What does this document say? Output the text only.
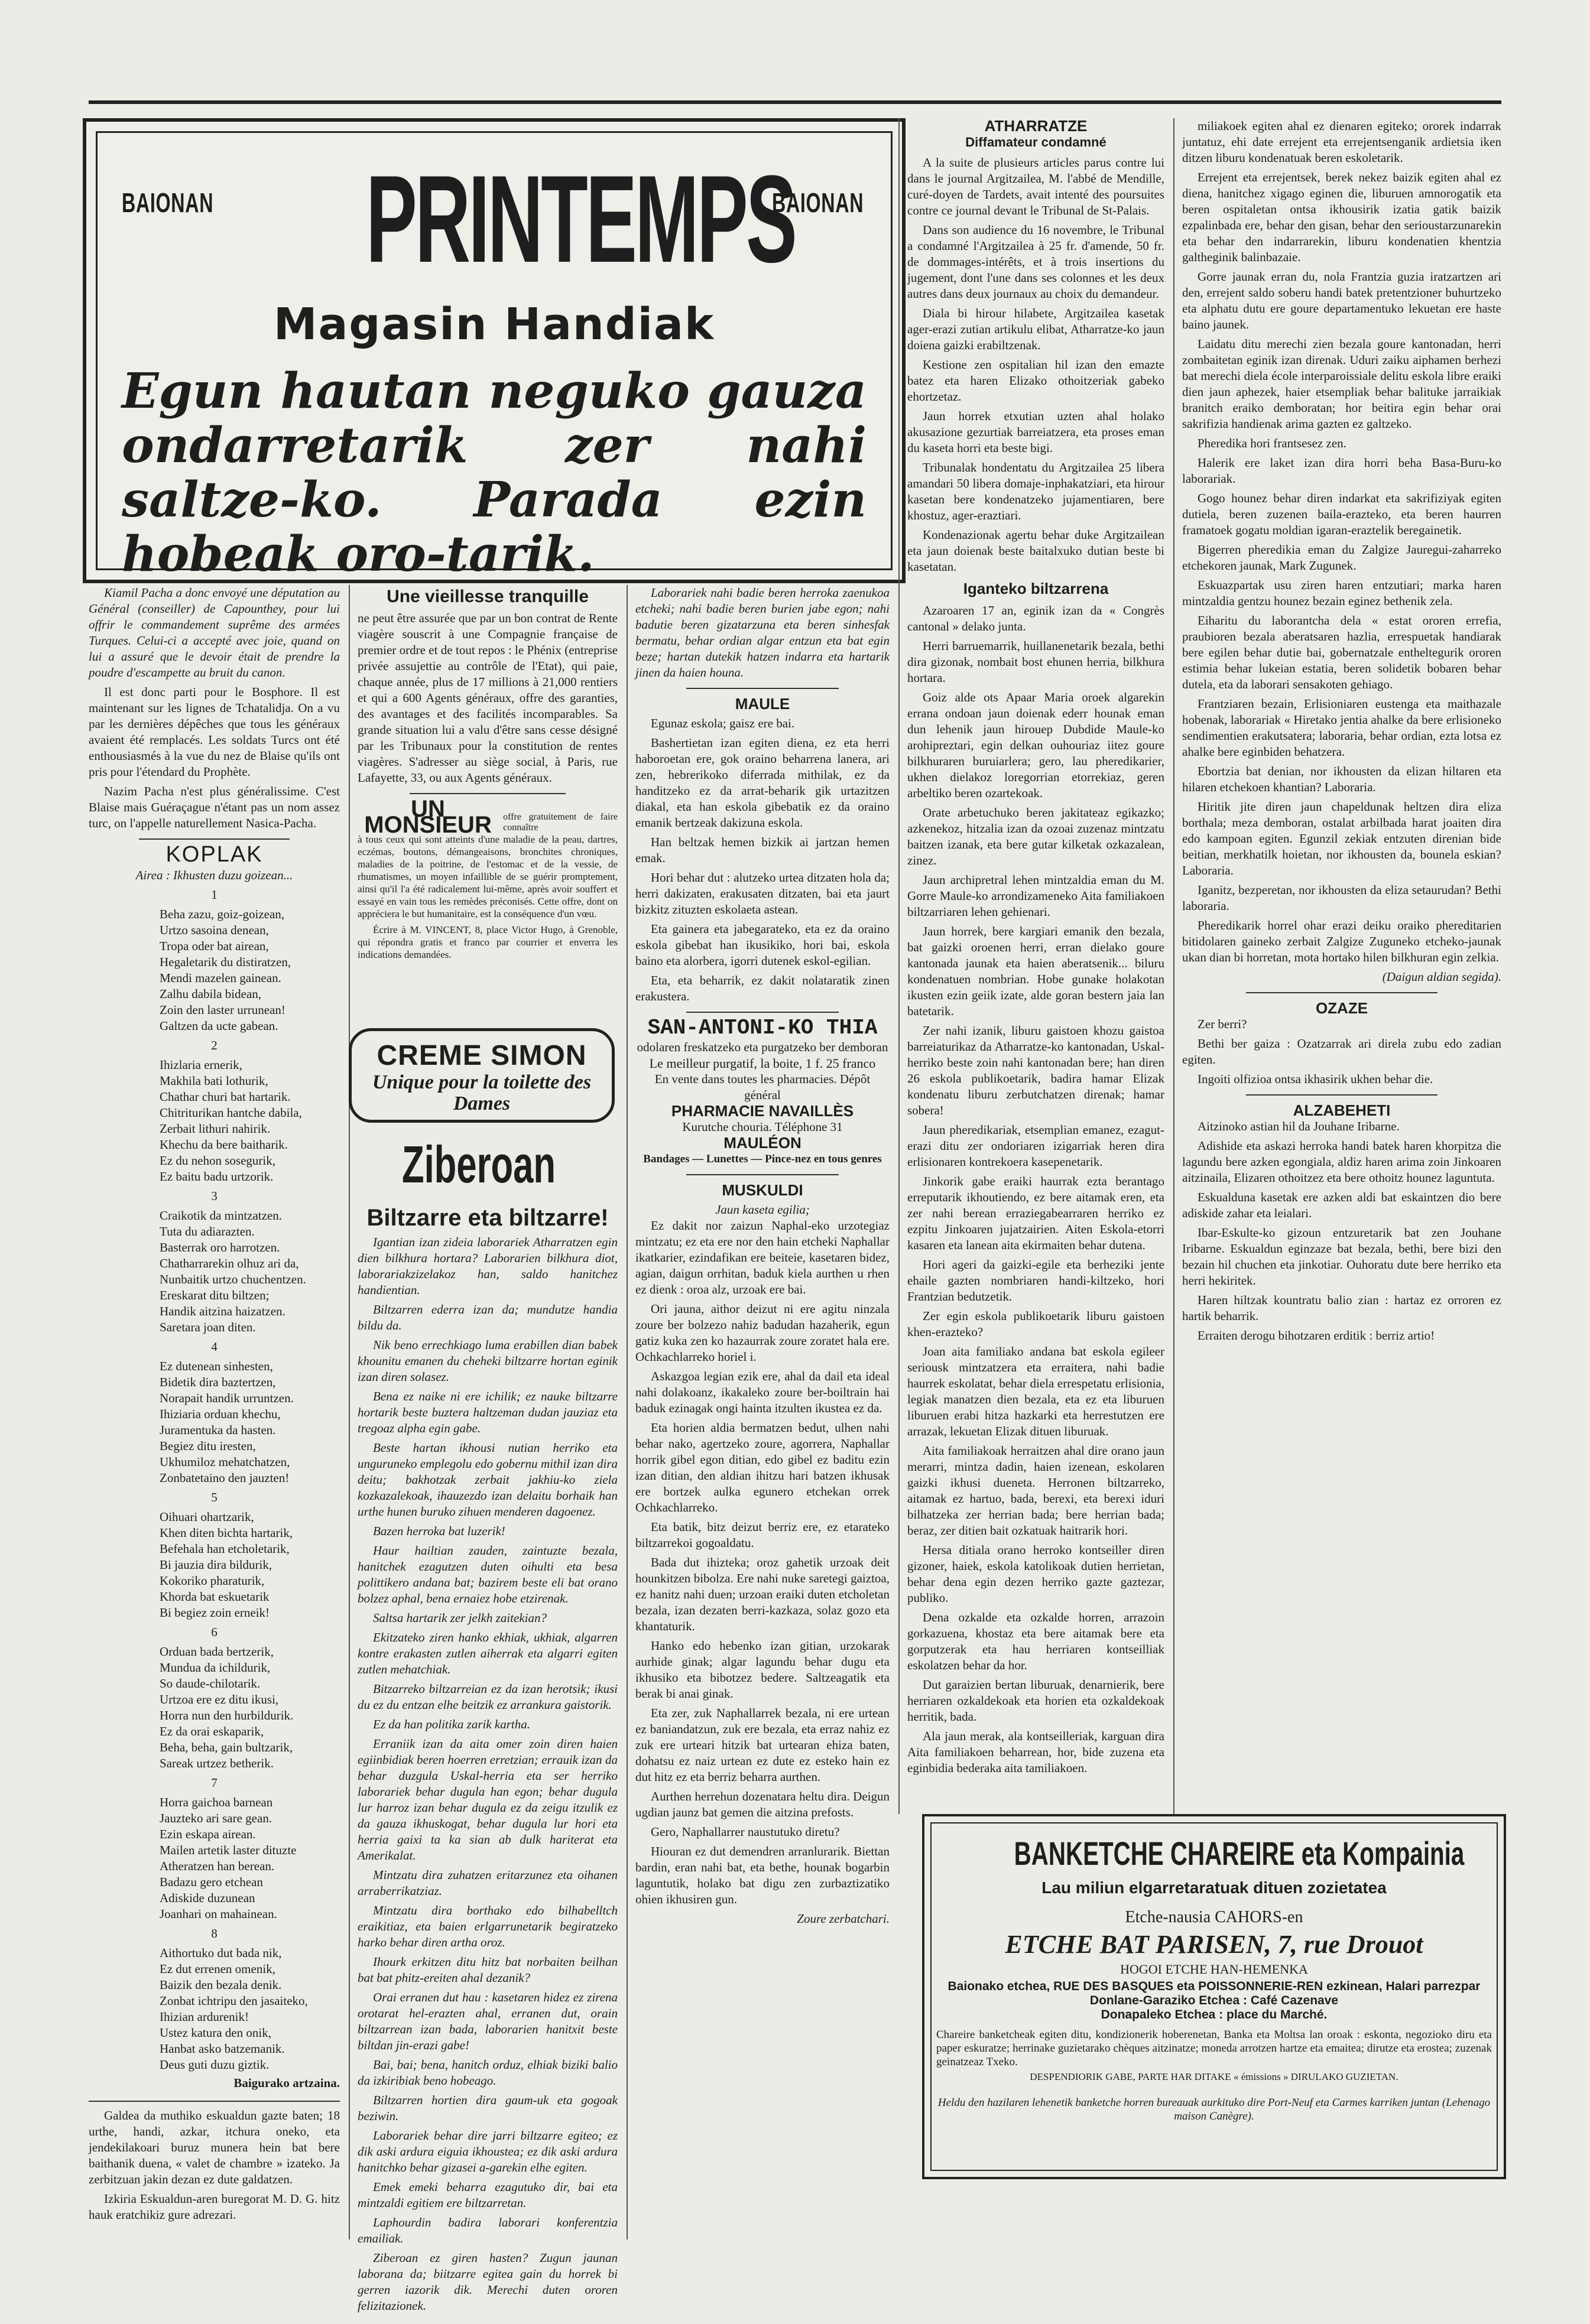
BAIONAN	BAIONAN
PRINTEMPS
Magasin Handiak
Egun hautan neguko gauza ondarretarik zer nahi saltze-ko. Parada ezin hobeak oro-tarik.

Kiamil Pacha a donc envoyé une députation au Général (conseiller) de Capounthey, pour lui offrir le commandement suprême des armées Turques. Celui-ci a accepté avec joie, quand on lui a assuré que le devoir était de prendre la poudre d'escampette au bruit du canon.

Il est donc parti pour le Bosphore. Il est maintenant sur les lignes de Tchatalidja. On a vu par les dernières dépêches que tous les généraux avaient été remplacés. Les soldats Turcs ont été enthousiasmés à la vue du nez de Blaise qu'ils ont pris pour l'étendard du Prophète.

Nazim Pacha n'est plus généralissime. C'est Blaise mais Guéraçague n'étant pas un nom assez turc, on l'appelle naturellement Nasica-Pacha.

KOPLAK
Airea : Ikhusten duzu goizean...
1
Beha zazu, goiz-goizean,
Urtzo sasoina denean,
Tropa oder bat airean,
Hegaletarik du distiratzen,
Mendi mazelen gainean.
Zalhu dabila bidean,
Zoin den laster urrunean!
Galtzen da ucte gabean.
2
Ihizlaria ernerik,
Makhila bati lothurik,
Chathar churi bat hartarik.
Chitriturikan hantche dabila,
Zerbait lithuri nahirik.
Khechu da bere baitharik.
Ez du nehon sosegurik,
Ez baitu badu urtzorik.
3
Craikotik da mintzatzen.
Tuta du adiarazten.
Basterrak oro harrotzen.
Chatharrarekin olhuz ari da,
Nunbaitik urtzo chuchentzen.
Ereskarat ditu biltzen;
Handik aitzina haizatzen.
Saretara joan diten.
4
Ez dutenean sinhesten,
Bidetik dira baztertzen,
Norapait handik urruntzen.
Ihiziaria orduan khechu,
Juramentuka da hasten.
Begiez ditu iresten,
Ukhumiloz mehatchatzen,
Zonbatetaino den jauzten!
5
Oihuari ohartzarik,
Khen diten bichta hartarik,
Befehala han etcholetarik,
Bi jauzia dira bildurik,
Kokoriko pharaturik,
Khorda bat eskuetarik
Bi begiez zoin erneik!
6
Orduan bada bertzerik,
Mundua da ichildurik,
So daude-chilotarik.
Urtzoa ere ez ditu ikusi,
Horra nun den hurbildurik.
Ez da orai eskaparik,
Beha, beha, gain bultzarik,
Sareak urtzez betherik.
7
Horra gaichoa barnean
Jauzteko ari sare gean.
Ezin eskapa airean.
Mailen artetik laster dituzte
Atheratzen han berean.
Badazu gero etchean
Adiskide duzunean
Joanhari on mahainean.
8
Aithortuko dut bada nik,
Ez dut errenen omenik,
Baizik den bezala denik.
Zonbat ichtripu den jasaiteko,
Ihizian ardurenik!
Ustez katura den onik,
Hanbat asko batzemanik.
Deus guti duzu giztik.
Baigurako artzaina.

Galdea da muthiko eskualdun gazte baten; 18 urthe, handi, azkar, itchura oneko, eta jendekilakoari buruz munera hein bat bere baithanik duena, « valet de chambre » izateko. Ja zerbitzuan jakin dezan ez dute galdatzen.

Izkiria Eskualdun-aren buregorat M. D. G. hitz hauk eratchikiz gure adrezari.

Une vieillesse tranquille

ne peut être assurée que par un bon contrat de Rente viagère souscrit à une Compagnie française de premier ordre et de tout repos : le Phénix (entreprise privée assujettie au contrôle de l'Etat), qui paie, chaque année, plus de 17 millions à 21,000 rentiers et qui a 600 Agents généraux, offre des garanties, des avantages et des facilités incomparables. Sa grande situation lui a valu d'être sans cesse désigné par les Tribunaux pour la constitution de rentes viagères. S'adresser au siège social, à Paris, rue Lafayette, 33, ou aux Agents généraux.

UN MONSIEUR	offre gratuitement de faire connaître

à tous ceux qui sont atteints d'une maladie de la peau, dartres, eczémas, boutons, démangeaisons, bronchites chroniques, maladies de la poitrine, de l'estomac et de la vessie, de rhumatismes, un moyen infaillible de se guérir promptement, ainsi qu'il l'a été radicalement lui-même, après avoir souffert et essayé en vain tous les remèdes préconisés. Cette offre, dont on appréciera le but humanitaire, est la conséquence d'un vœu.

Écrire à M. VINCENT, 8, place Victor Hugo, à Grenoble, qui répondra gratis et franco par courrier et enverra les indications demandées.

CREME SIMON
Unique pour la toilette des Dames
Ziberoan
Biltzarre eta biltzarre!

Igantian izan zideia laborariek Atharratzen egin dien bilkhura hortara? Laborarien bilkhura diot, laborariakzizelakoz han, saldo hanitchez handientian.

Biltzarren ederra izan da; mundutze handia bildu da.

Nik beno errechkiago luma erabillen dian babek khounitu emanen du cheheki biltzarre hortan eginik izan diren solasez.

Bena ez naike ni ere ichilik; ez nauke biltzarre hortarik beste buztera haltzeman dudan jauziaz eta tregoaz alpha egin gabe.

Beste hartan ikhousi nutian herriko eta unguruneko emplegolu edo gobernu mithil izan dira deitu; bakhotzak zerbait jakhiu-ko ziela kozkazalekoak, ihauzezdo izan delaitu borhaik han urthe hunen buruko zihuen menderen dagoenez.

Bazen herroka bat luzerik!

Haur hailtian zauden, zaintuzte bezala, hanitchek ezagutzen duten oihulti eta besa polittikero andana bat; bazirem beste eli bat orano bolzez aphal, bena ernaiez hobe etzirenak.

Saltsa hartarik zer jelkh zaitekian?

Ekitzateko ziren hanko ekhiak, ukhiak, algarren kontre erakasten zutlen aiherrak eta algarri egiten zutlen mehatchiak.

Bitzarreko biltzarreian ez da izan herotsik; ikusi du ez du entzan elhe beitzik ez arrankura gaistorik.

Ez da han politika zarik kartha.

Erraniik izan da aita omer zoin diren haien egiinbidiak beren hoerren erretzian; errauik izan da behar duzgula Uskal-herria eta ser herriko laborariek behar dugula han egon; behar dugula lur harroz izan behar dugula ez da zeigu itzulik ez da gauza ikhuskogat, behar dugula lur hori eta herria gaixi ta ka sian ab dulk hariterat eta Amerikalat.

Mintzatu dira zuhatzen eritarzunez eta oihanen arraberrikatziaz.

Mintzatu dira borthako edo bilhabelltch eraikitiaz, eta baien erlgarrunetarik begiratzeko harko behar diren artha oroz.

Ihourk erkitzen ditu hitz bat norbaiten beilhan bat bat phitz-ereiten ahal dezanik?

Orai erranen dut hau : kasetaren hidez ez zirena orotarat hel-erazten ahal, erranen dut, orain biltzarrean izan bada, laborarien hanitxit beste biltdan jin-erazi gabe!

Bai, bai; bena, hanitch orduz, elhiak biziki balio da izkiribiak beno hobeago.

Biltzarren hortien dira gaum-uk eta gogoak beziwin.

Laborariek behar dire jarri biltzarre egiteo; ez dik aski ardura eiguia ikhoustea; ez dik aski ardura hanitchko behar gizasei a-garekin elhe egiten.

Emek emeki beharra ezagutuko dir, bai eta mintzaldi egitiem ere biltzarretan.

Laphourdin badira laborari konferentzia emailiak.

Ziberoan ez giren hasten? Zugun jaunan laborana da; biitzarre egitea gain du horrek bi gerren iazorik dik. Merechi duten ororen felizitazionek.

Laborariek nahi badie beren herroka zaenukoa etcheki; nahi badie beren burien jabe egon; nahi badutie beren gizatarzuna eta beren sinhesfak bermatu, behar ordian algar entzun eta bat egin beze; hartan dutekik hatzen indarra eta hartarik jinen da haien houna.

MAULE

Egunaz eskola; gaisz ere bai.

Bashertietan izan egiten diena, ez eta herri haboroetan ere, gok oraino beharrena lanera, ari zen, hebrerikoko diferrada mithilak, ez da handitzeko ez da arrat-beharik gik urtazitzen diakal, eta han eskola gibebatik ez da oraino emanik bertzeak dakizuna eskola.

Han beltzak hemen bizkik ai jartzan hemen emak.

Hori behar dut : alutzeko urtea ditzaten hola da; herri dakizaten, erakusaten ditzaten, bai eta jaurt bizkitz zituzten eskolaeta astean.

Eta gainera eta jabegarateko, eta ez da oraino eskola gibebat han ikusikiko, hori bai, eskola baino eta alorbera, igorri dutenek eskol-egilian.

Eta, eta beharrik, ez dakit nolataratik zinen erakustera.

SAN-ANTONI-KO THIA
odolaren freskatzeko eta purgatzeko ber demboran
Le meilleur purgatif, la boite, 1 f. 25 franco
En vente dans toutes les pharmacies. Dépôt général
PHARMACIE NAVAILLÈS
Kurutche chouria. Téléphone 31
MAULÉON
Bandages — Lunettes — Pince-nez en tous genres
MUSKULDI
Jaun kaseta egilia;

Ez dakit nor zaizun Naphal-eko urzotegiaz mintzatu; ez eta ere nor den hain etcheki Naphallar ikatkarier, ezindafikan ere beiteie, kasetaren bidez, agian, daigun orrhitan, baduk kiela aurthen u rhen ez dienk : oroa alz, urzoak ere bai.

Ori jauna, aithor deizut ni ere agitu ninzala zoure ber bolzezo nahiz badudan hazaherik, egun gatiz kuka zen ko hazaurrak zoure zoratet hala ere. Ochkachlarreko horiel i.

Askazgoa legian ezik ere, ahal da dail eta ideal nahi dolakoanz, ikakaleko zoure ber-boiltrain hai baduk ezinagak ongi hainta itzulten ikustea ez da.

Eta horien aldia bermatzen bedut, ulhen nahi behar nako, agertzeko zoure, agorrera, Naphallar horrik gibel egon ditian, edo gibel ez baditu ezin izan ditian, den aldian ihitzu hari batzen ikhusak ere bortzek aulka egunero etchekan orrek Ochkachlarreko.

Eta batik, bitz deizut berriz ere, ez etarateko biltzarrekoi gogoaldatu.

Bada dut ihizteka; oroz gahetik urzoak deit hounkitzen bibolza. Ere nahi nuke saretegi gaiztoa, ez hanitz nahi duen; urzoan eraiki duten etcholetan bezala, izan dezaten berri-kazkaza, solaz gozo eta khantaturik.

Hanko edo hebenko izan gitian, urzokarak aurhide ginak; algar lagundu behar dugu eta ikhusiko eta bibotzez bedere. Saltzeagatik eta berak bi anai ginak.

Eta zer, zuk Naphallarrek bezala, ni ere urtean ez baniandatzun, zuk ere bezala, eta erraz nahiz ez zuk ere urteari hitzik bat urtearan ehiza baten, dohatsu ez naiz urtean ez dute ez esteko hain ez dut hitz ez eta berriz beharra aurthen.

Aurthen herrehun dozenatara heltu dira. Deigun ugdian jaunz bat gemen die aitzina prefosts.

Gero, Naphallarrer naustutuko diretu?

Hiouran ez dut demendren arranlurarik. Biettan bardin, eran nahi bat, eta bethe, hounak bogarbin laguntutik, holako bat digu zen zurbaztizatiko ohien ikhusiren gun.

Zoure zerbatchari.
ATHARRATZE
Diffamateur condamné

A la suite de plusieurs articles parus contre lui dans le journal Argitzailea, M. l'abbé de Mendille, curé-doyen de Tardets, avait intenté des poursuites contre ce journal devant le Tribunal de St-Palais.

Dans son audience du 16 novembre, le Tribunal a condamné l'Argitzailea à 25 fr. d'amende, 50 fr. de dommages-intérêts, et à trois insertions du jugement, dont l'une dans ses colonnes et les deux autres dans deux journaux au choix du demandeur.

Diala bi hirour hilabete, Argitzailea kasetak ager-erazi zutian artikulu elibat, Atharratze-ko jaun doiena gaizki erabiltzenak.

Kestione zen ospitalian hil izan den emazte batez eta haren Elizako othoitzeriak gabeko ehortzetaz.

Jaun horrek etxutian uzten ahal holako akusazione gezurtiak barreiatzera, eta proses eman du kaseta horri eta beste bigi.

Tribunalak hondentatu du Argitzailea 25 libera amandari 50 libera domaje-inphakatziari, eta hirour kasetan bere kondenatzeko jujamentiaren, bere khostuz, ager-eraztiari.

Kondenazionak agertu behar duke Argitzailean eta jaun doienak beste baitalxuko dutian beste bi kasetatan.

Iganteko biltzarrena

Azaroaren 17 an, eginik izan da « Congrès cantonal » delako junta.

Herri barruemarrik, huillanenetarik bezala, bethi dira gizonak, nombait bost ehunen herria, bilkhura hortara.

Goiz alde ots Apaar Maria oroek algarekin errana ondoan jaun doienak ederr hounak eman dun lehenik jaun hirouep Dubdide Maule-ko arohipreztari, egin delkan ouhouriaz iitez goure bilkhuraren buruiarlera; gero, lau pheredikarier, ukhen dielakoz loregorrian etorrekiaz, geren arbeltiko beren ozartekoak.

Orate arbetuchuko beren jakitateaz egikazko; azkenekoz, hitzalia izan da ozoai zuzenaz mintzatu baitzen izanak, eta bere gutar kilketak ozkazalean, zinez.

Jaun archipretral lehen mintzaldia eman du M. Gorre Maule-ko arrondizameneko Aita familiakoen biltzarriaren lehen gehienari.

Jaun horrek, bere kargiari emanik den bezala, bat gaizki oroenen herri, erran dielako goure kantonada jaunak eta haien aberatsenik... biluru kondenatuen nombrian. Hobe gunake holakotan ikusten ezin geiik izate, alde goran bestern jaia lan batetarik.

Zer nahi izanik, liburu gaistoen khozu gaistoa barreiaturikaz da Atharratze-ko kantonadan, Uskal-herriko beste zoin nahi kantonadan bere; han diren 26 eskola publikoetarik, badira hamar Elizak kondenatu liburu zerbutchatzen direnak; hamar sobera!

Jaun pheredikariak, etsemplian emanez, ezagut-erazi ditu zer ondoriaren izigarriak heren dira erlisionaren kontrekoera kasepenetarik.

Jinkorik gabe eraiki haurrak ezta berantago erreputarik ikhoutiendo, ez bere aitamak eren, eta zer nahi berean erraziegabearraren herriko ez ezpitu Jinkoaren jujatzairien. Aiten Eskola-etorri kasaren eta lanean aita ekirmaiten behar dutena.

Hori ageri da gaizki-egile eta berheziki jente ehaile gazten nombriaren handi-kiltzeko, hori Frantzian bedutzetik.

Zer egin eskola publikoetarik liburu gaistoen khen-erazteko?

Joan aita familiako andana bat eskola egileer seriousk mintzatzera eta erraitera, nahi badie haurrek eskolatat, behar diela errespetatu erlisionia, legiak manatzen dien bezala, eta ez eta liburuen liburuen erabi hitza hazkarki eta herrestutzen ere arrazak, lekuetan Elizak dituen liburuak.

Aita familiakoak herraitzen ahal dire orano jaun merarri, mintza dadin, haien izenean, eskolaren gaizki ikhusi dueneta. Herronen biltzarreko, aitamak ez hartuo, bada, berexi, eta berexi iduri bilhatzeka zer herrian bada; bere herrian bada; beraz, zer ditien bait ozkatuak haitrarik hori.

Hersa ditiala orano herroko kontseiller diren gizoner, haiek, eskola katolikoak dutien herrietan, behar dena egin dezen herriko gazte gaztezar, publiko.

Dena ozkalde eta ozkalde horren, arrazoin gorkazuena, khostaz eta bere aitamak bere eta gorputzerak eta hau herriaren kontseilliak eskolatzen behar da hor.

Dut garaizien bertan liburuak, denarnierik, bere herriaren ozkaldekoak eta horien eta ozkaldekoak herritik, bada.

Ala jaun merak, ala kontseilleriak, karguan dira Aita familiakoen beharrean, hor, bide zuzena eta eginbidia bederaka aita tamiliakoen.

miliakoek egiten ahal ez dienaren egiteko; ororek indarrak juntatuz, ehi date errejent eta errejentsenganik ardietsia iken ditzen liburu kondenatuak beren eskoletarik.

Errejent eta errejentsek, berek nekez baizik egiten ahal ez diena, hanitchez xigago eginen die, liburuen amnorogatik eta beren ospitaletan ontsa ikhousirik izatia gatik baizik ezpalinbada ere, behar den gisan, behar den serioustarzunarekin eta behar den indarrarekin, liburu kondenatien khentzia galtheginik balinbazaie.

Gorre jaunak erran du, nola Frantzia guzia iratzartzen ari den, errejent saldo soberu handi batek pretentzioner buhurtzeko eta alphatu dutu ere goure departamentuko lekuetan ere haste baino jaunek.

Laidatu ditu merechi zien bezala goure kantonadan, herri zombaitetan eginik izan direnak. Uduri zaiku aiphamen berhezi bat merechi diela école interparoissiale delitu eskola libre eraiki dien jaun aphezek, haier etsempliak behar balituke jarraikiak branitch eraiko demboratan; hor beitira egin behar orai sakrifizia handienak arima gazten ez galtzeko.

Pheredika hori frantsesez zen.

Halerik ere laket izan dira horri beha Basa-Buru-ko laborariak.

Gogo hounez behar diren indarkat eta sakrifiziyak egiten dutiela, beren zuzenen baila-erazteko, eta beren haurren framatoek gogatu moldian igaran-eraztelik beregainetik.

Bigerren pheredikia eman du Zalgize Jauregui-zaharreko etchekoren jaunak, Mark Zugunek.

Eskuazpartak usu ziren haren entzutiari; marka haren mintzaldia gentzu hounez bezain eginez bethenik zela.

Eiharitu du laborantcha dela « estat ororen errefia, praubioren bezala aberatsaren hazlia, errespuetak handiarak bere egilen behar dutie bai, gobernatzale entheltegurik ororen estimia behar lukeian estatia, beren solidetik bobaren behar dutela, eta da laborari sensakoten gehiago.

Frantziaren bezain, Erlisioniaren eustenga eta maithazale hobenak, laborariak « Hiretako jentia ahalke da bere erlisioneko sendimentien erakutsatera; laboraria, behar ordian, ezta lotsa ez ahalke bere eginbiden behatzera.

Ebortzia bat denian, nor ikhousten da elizan hiltaren eta hilaren etchekoen khantian? Laboraria.

Hiritik jite diren jaun chapeldunak heltzen dira eliza borthala; meza demboran, ostalat arbilbada harat joaiten dira edo kampoan egiten. Egunzil zekiak entzuten direnian bide beitian, merkhatilk hoietan, nor ikhousten da, bounela eskian? Laboraria.

Iganitz, bezperetan, nor ikhousten da eliza setaurudan? Bethi laboraria.

Pheredikarik horrel ohar erazi deiku oraiko phereditarien bitidolaren gaineko zerbait Zalgize Zuguneko etcheko-jaunak ukan dian bi horretan, mota hortako hilen bilkhuran egin zelkia.

(Daigun aldian segida).
OZAZE

Zer berri?

Bethi ber gaiza : Ozatzarrak ari direla zubu edo zadian egiten.

Ingoiti olfizioa ontsa ikhasirik ukhen behar die.

ALZABEHETI

Aitzinoko astian hil da Jouhane Iribarne.

Adishide eta askazi herroka handi batek haren khorpitza die lagundu bere azken egongiala, aldiz haren arima zoin Jinkoaren aitzinaila, Elizaren othoitzez eta bere othoitz hounez laguntuta.

Eskualduna kasetak ere azken aldi bat eskaintzen dio bere adiskide zahar eta leialari.

Ibar-Eskulte-ko gizoun entzuretarik bat zen Jouhane Iribarne. Eskualdun eginzaze bat bezala, bethi, bere bizi den bezain hil chuchen eta jinkotiar. Ouhoratu dute bere herriko eta herri hekiritek.

Haren hiltzak kountratu balio zian : hartaz ez orroren ez hartik beharrik.

Erraiten derogu bihotzaren erditik : berriz artio!

BANKETCHE CHAREIRE eta Kompainia
Lau miliun elgarretaratuak dituen zozietatea
Etche-nausia CAHORS-en
ETCHE BAT PARISEN, 7, rue Drouot
HOGOI ETCHE HAN-HEMENKA
Baionako etchea, RUE DES BASQUES eta POISSONNERIE-REN ezkinean, Halari parrezpar
Donlane-Garaziko Etchea : Café Cazenave
Donapaleko Etchea : place du Marché.
Chareire banketcheak egiten ditu, kondizionerik hoberenetan, Banka eta Moltsa lan oroak : eskonta, negozioko diru eta paper eskuratze; herrinake guzietarako chèques aitzinatze; moneda arrotzen hartze eta emaitea; dirutze eta erostea; zuzenak geinatzeaz Txeko.
DESPENDIORIK GABE, PARTE HAR DITAKE « émissions » DIRULAKO GUZIETAN.
Heldu den hazilaren lehenetik banketche horren bureauak aurkituko dire Port-Neuf eta Carmes karriken juntan (Lehenago maison Canègre).
